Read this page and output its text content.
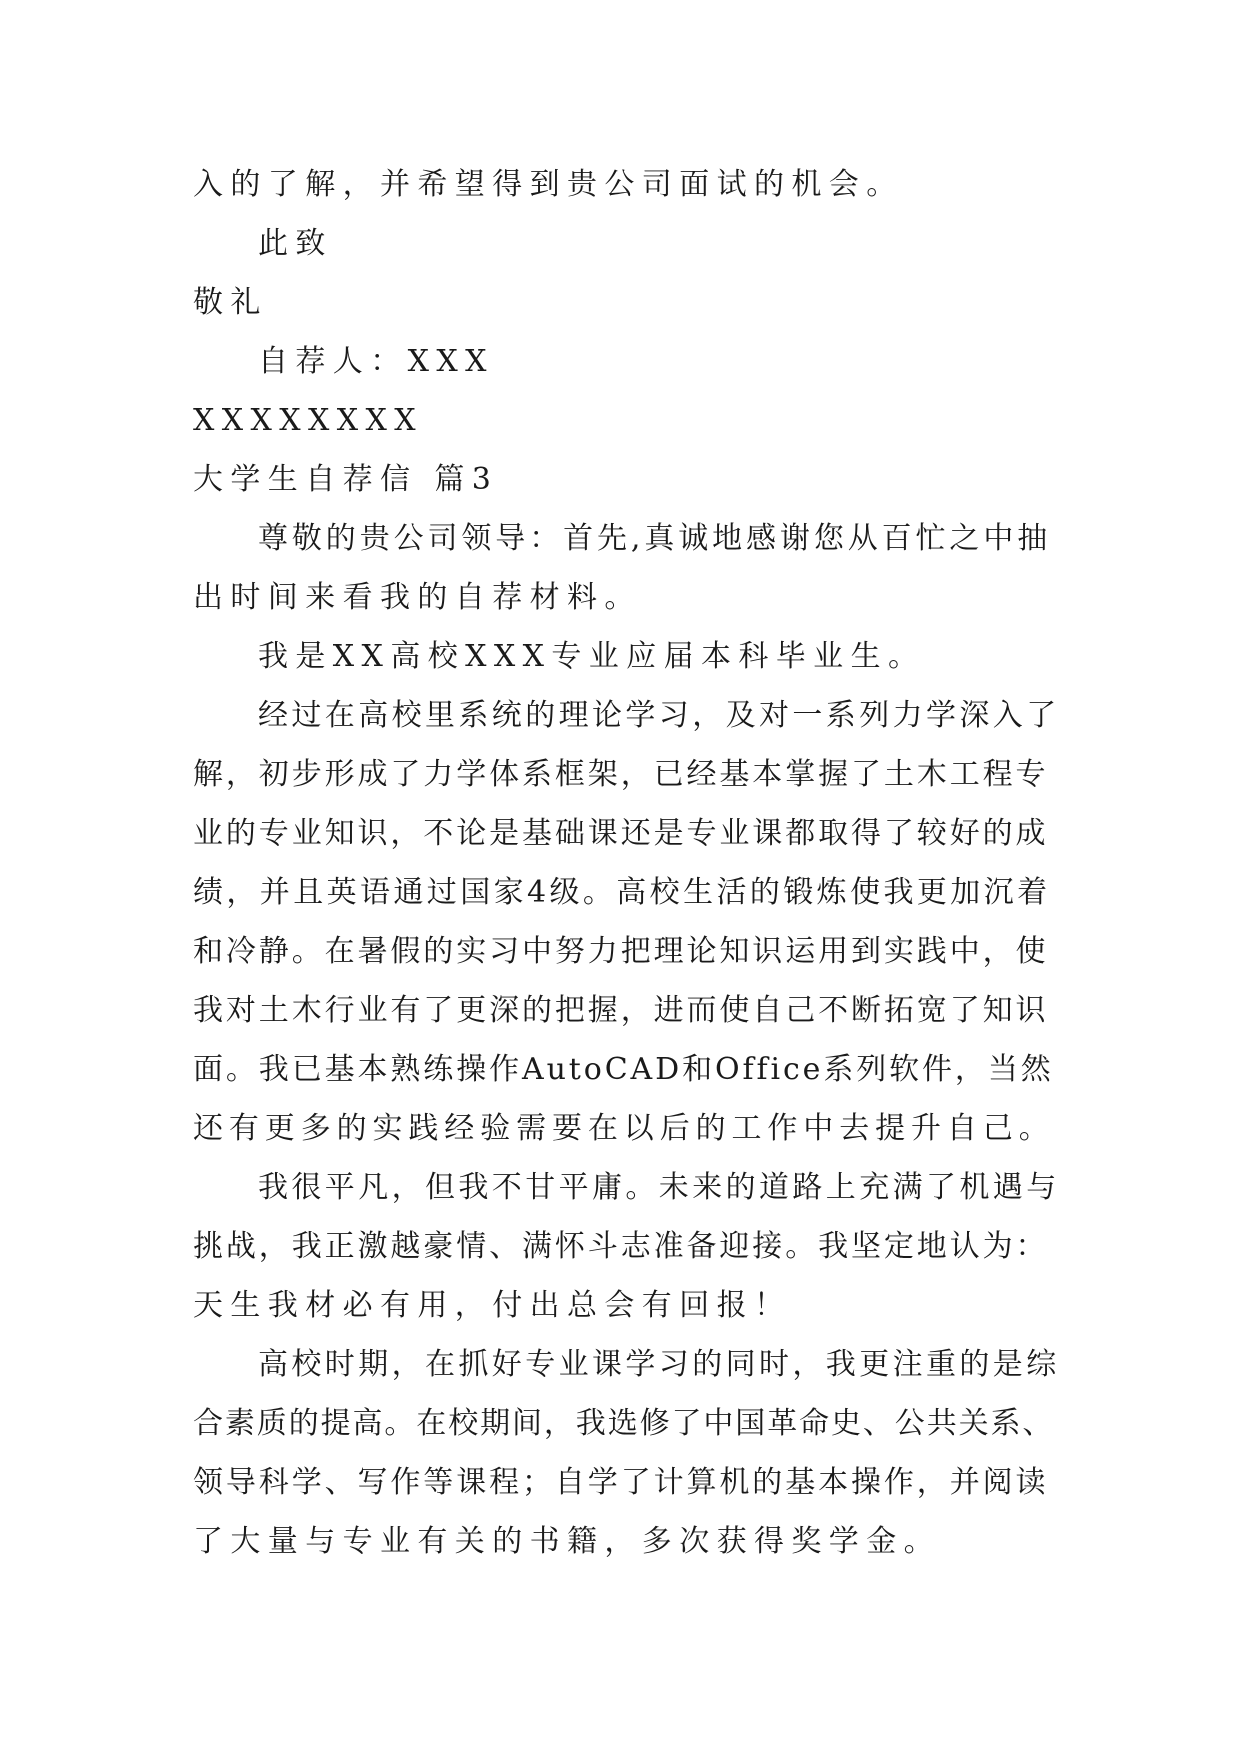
入的了解，并希望得到贵公司面试的机会。
此致
敬礼
自荐人：XXX
XXXXXXXX
大学生自荐信 篇3
尊敬的贵公司领导：首先,真诚地感谢您从百忙之中抽
出时间来看我的自荐材料。
我是XX高校XXX专业应届本科毕业生。
经过在高校里系统的理论学习，及对一系列力学深入了
解，初步形成了力学体系框架，已经基本掌握了土木工程专
业的专业知识，不论是基础课还是专业课都取得了较好的成
绩，并且英语通过国家4级。高校生活的锻炼使我更加沉着
和冷静。在暑假的实习中努力把理论知识运用到实践中，使
我对土木行业有了更深的把握，进而使自己不断拓宽了知识
面。我已基本熟练操作AutoCAD和Office系列软件，当然
还有更多的实践经验需要在以后的工作中去提升自己。
我很平凡，但我不甘平庸。未来的道路上充满了机遇与
挑战，我正激越豪情、满怀斗志准备迎接。我坚定地认为：
天生我材必有用，付出总会有回报！
高校时期，在抓好专业课学习的同时，我更注重的是综
合素质的提高。在校期间，我选修了中国革命史、公共关系、
领导科学、写作等课程；自学了计算机的基本操作，并阅读
了大量与专业有关的书籍，多次获得奖学金。
